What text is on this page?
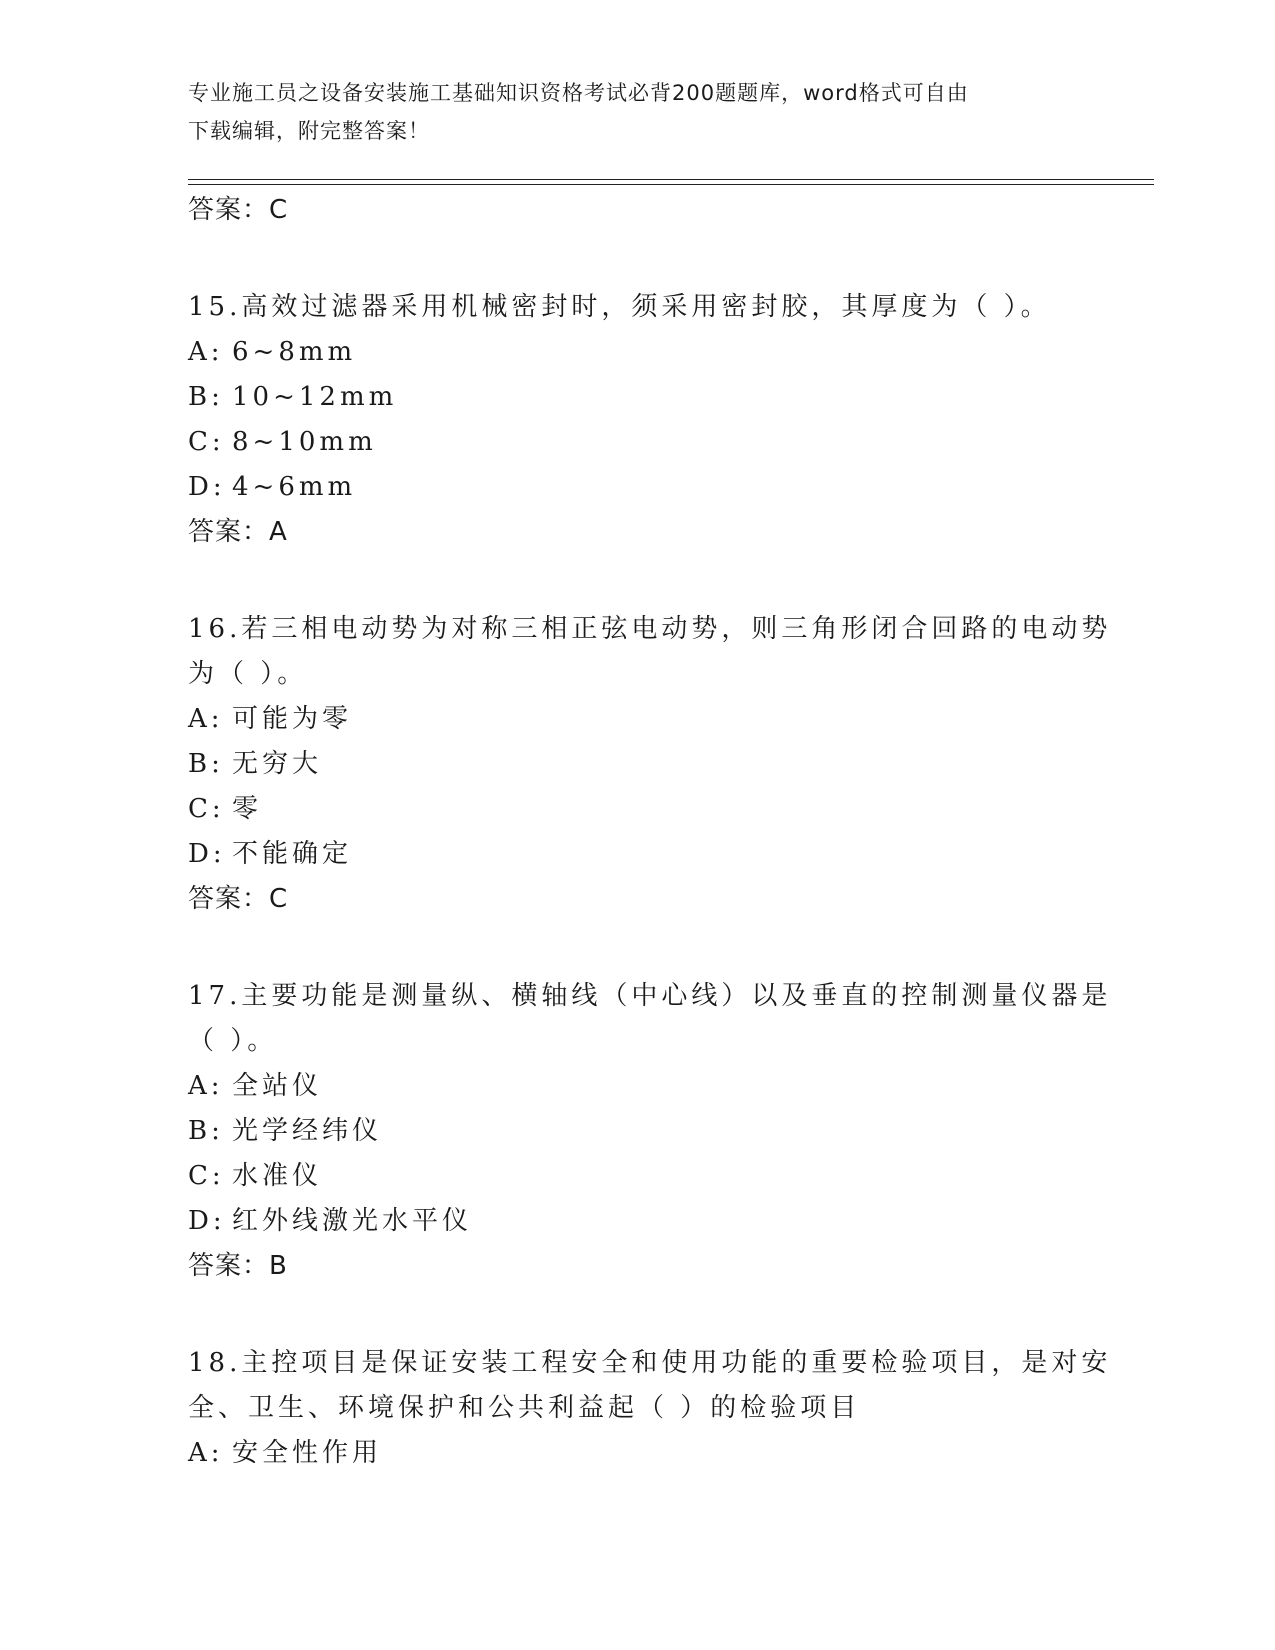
专业施工员之设备安装施工基础知识资格考试必背200题题库，word格式可自由
下载编辑，附完整答案！
答案：C
15.高效过滤器采用机械密封时，须采用密封胶，其厚度为（ ）。
A: 6~8mm
B: 10~12mm
C: 8~10mm
D: 4~6mm
答案：A
16.若三相电动势为对称三相正弦电动势，则三角形闭合回路的电动势
为（ ）。
A: 可能为零
B: 无穷大
C: 零
D: 不能确定
答案：C
17.主要功能是测量纵、横轴线（中心线）以及垂直的控制测量仪器是
（ ）。
A: 全站仪
B: 光学经纬仪
C: 水准仪
D: 红外线激光水平仪
答案：B
18.主控项目是保证安装工程安全和使用功能的重要检验项目，是对安
全、卫生、环境保护和公共利益起（ ）的检验项目
A: 安全性作用
